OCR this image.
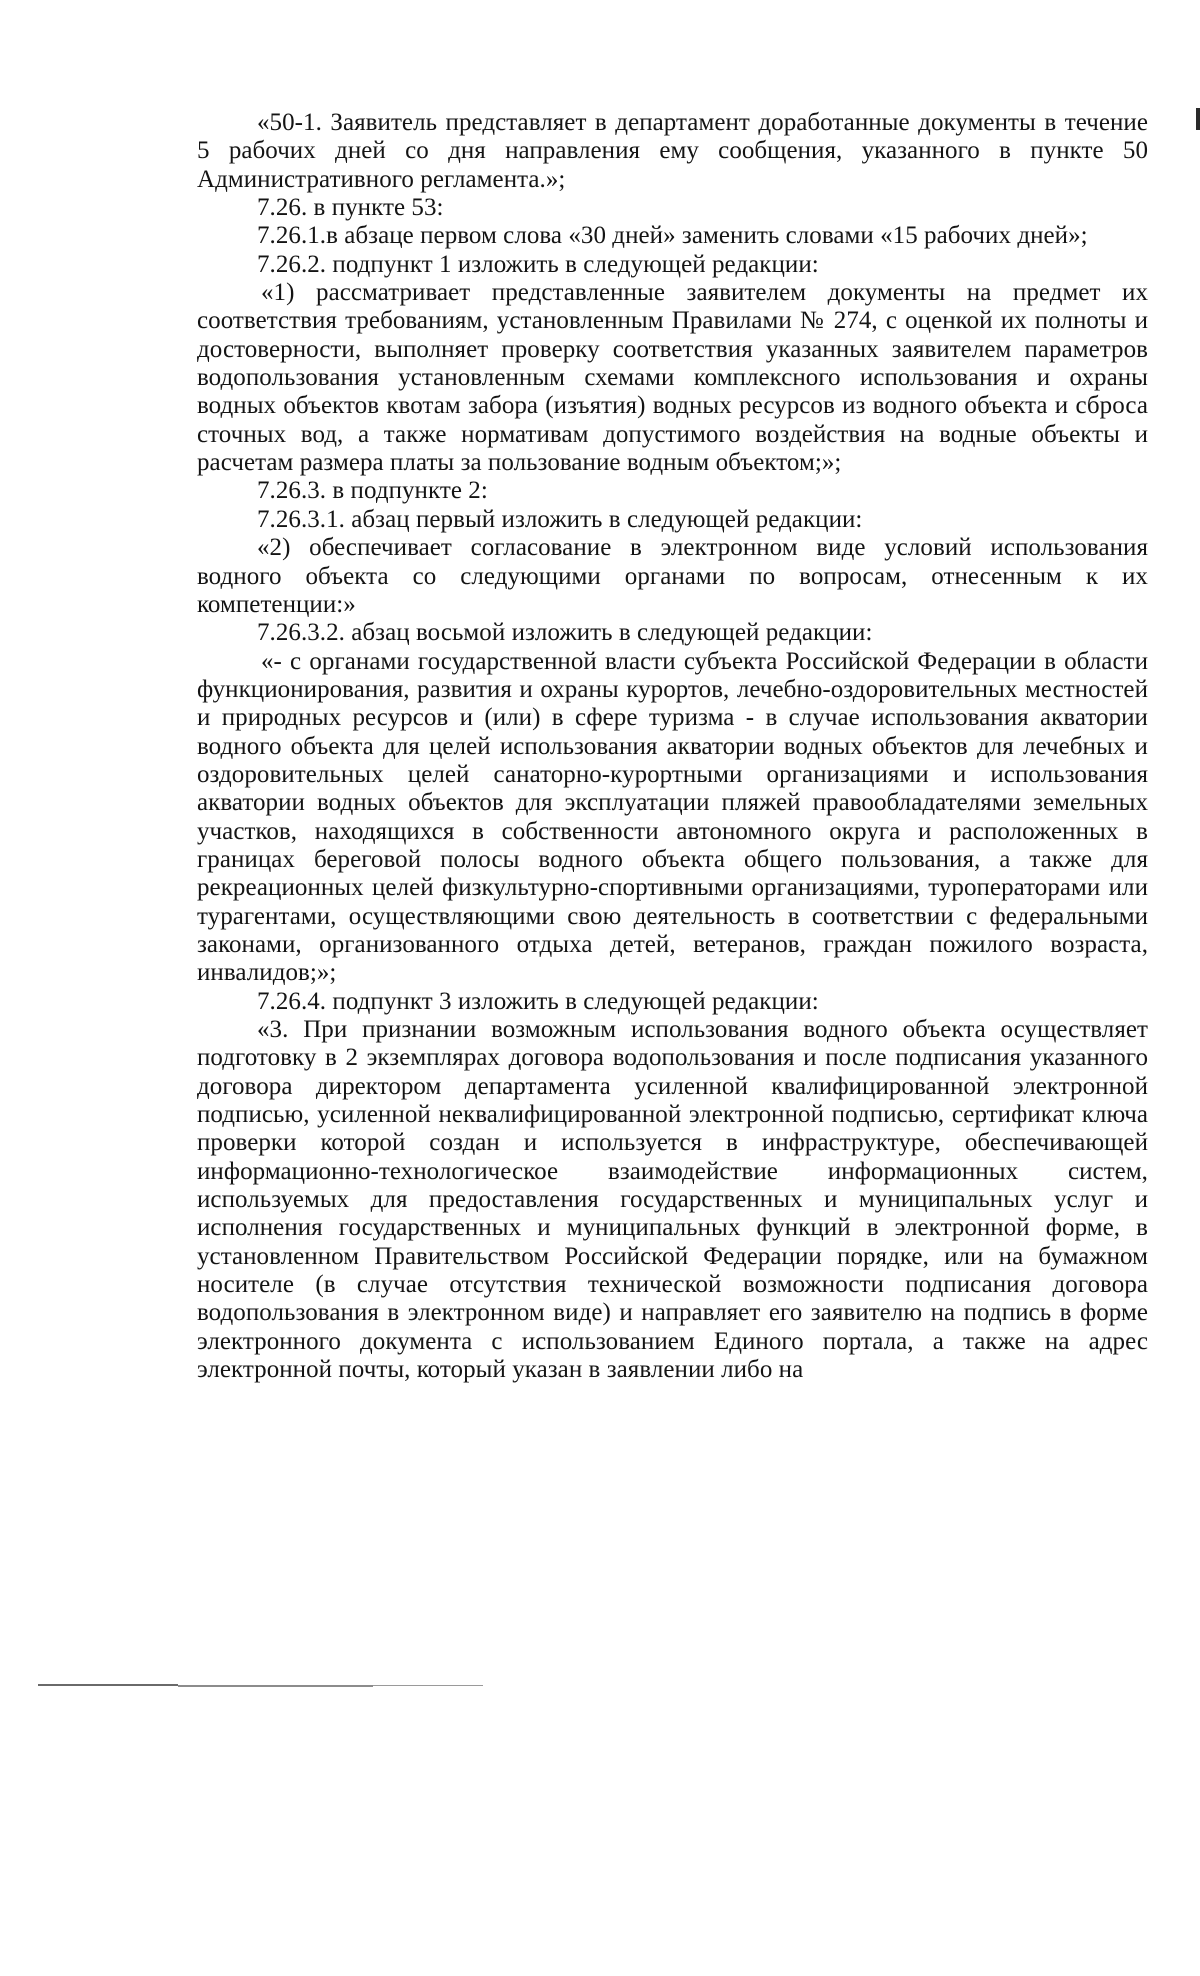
«50-1. Заявитель представляет в департамент доработанные документы в течение 5 рабочих дней со дня направления ему сообщения, указанного в пункте 50 Административного регламента.»;

7.26. в пункте 53:

7.26.1.в абзаце первом слова «30 дней» заменить словами «15 рабочих дней»;

7.26.2. подпункт 1 изложить в следующей редакции:

«1) рассматривает представленные заявителем документы на предмет их соответствия требованиям, установленным Правилами № 274, с оценкой их полноты и достоверности, выполняет проверку соответствия указанных заявителем параметров водопользования установленным схемами комплексного использования и охраны водных объектов квотам забора (изъятия) водных ресурсов из водного объекта и сброса сточных вод, а также нормативам допустимого воздействия на водные объекты и расчетам размера платы за пользование водным объектом;»;

7.26.3. в подпункте 2:

7.26.3.1. абзац первый изложить в следующей редакции:

«2) обеспечивает согласование в электронном виде условий использования водного объекта со следующими органами по вопросам, отнесенным к их компетенции:»

7.26.3.2. абзац восьмой изложить в следующей редакции:

«- с органами государственной власти субъекта Российской Федерации в области функционирования, развития и охраны курортов, лечебно-оздоровительных местностей и природных ресурсов и (или) в сфере туризма - в случае использования акватории водного объекта для целей использования акватории водных объектов для лечебных и оздоровительных целей санаторно-курортными организациями и использования акватории водных объектов для эксплуатации пляжей правообладателями земельных участков, находящихся в собственности автономного округа и расположенных в границах береговой полосы водного объекта общего пользования, а также для рекреационных целей физкультурно-спортивными организациями, туроператорами или турагентами, осуществляющими свою деятельность в соответствии с федеральными законами, организованного отдыха детей, ветеранов, граждан пожилого возраста, инвалидов;»;

7.26.4. подпункт 3 изложить в следующей редакции:

«3. При признании возможным использования водного объекта осуществляет подготовку в 2 экземплярах договора водопользования и после подписания указанного договора директором департамента усиленной квалифицированной электронной подписью, усиленной неквалифицированной электронной подписью, сертификат ключа проверки которой создан и используется в инфраструктуре, обеспечивающей информационно-технологическое взаимодействие информационных систем, используемых для предоставления государственных и муниципальных услуг и исполнения государственных и муниципальных функций в электронной форме, в установленном Правительством Российской Федерации порядке, или на бумажном носителе (в случае отсутствия технической возможности подписания договора водопользования в электронном виде) и направляет его заявителю на подпись в форме электронного документа с использованием Единого портала, а также на адрес электронной почты, который указан в заявлении либо на
